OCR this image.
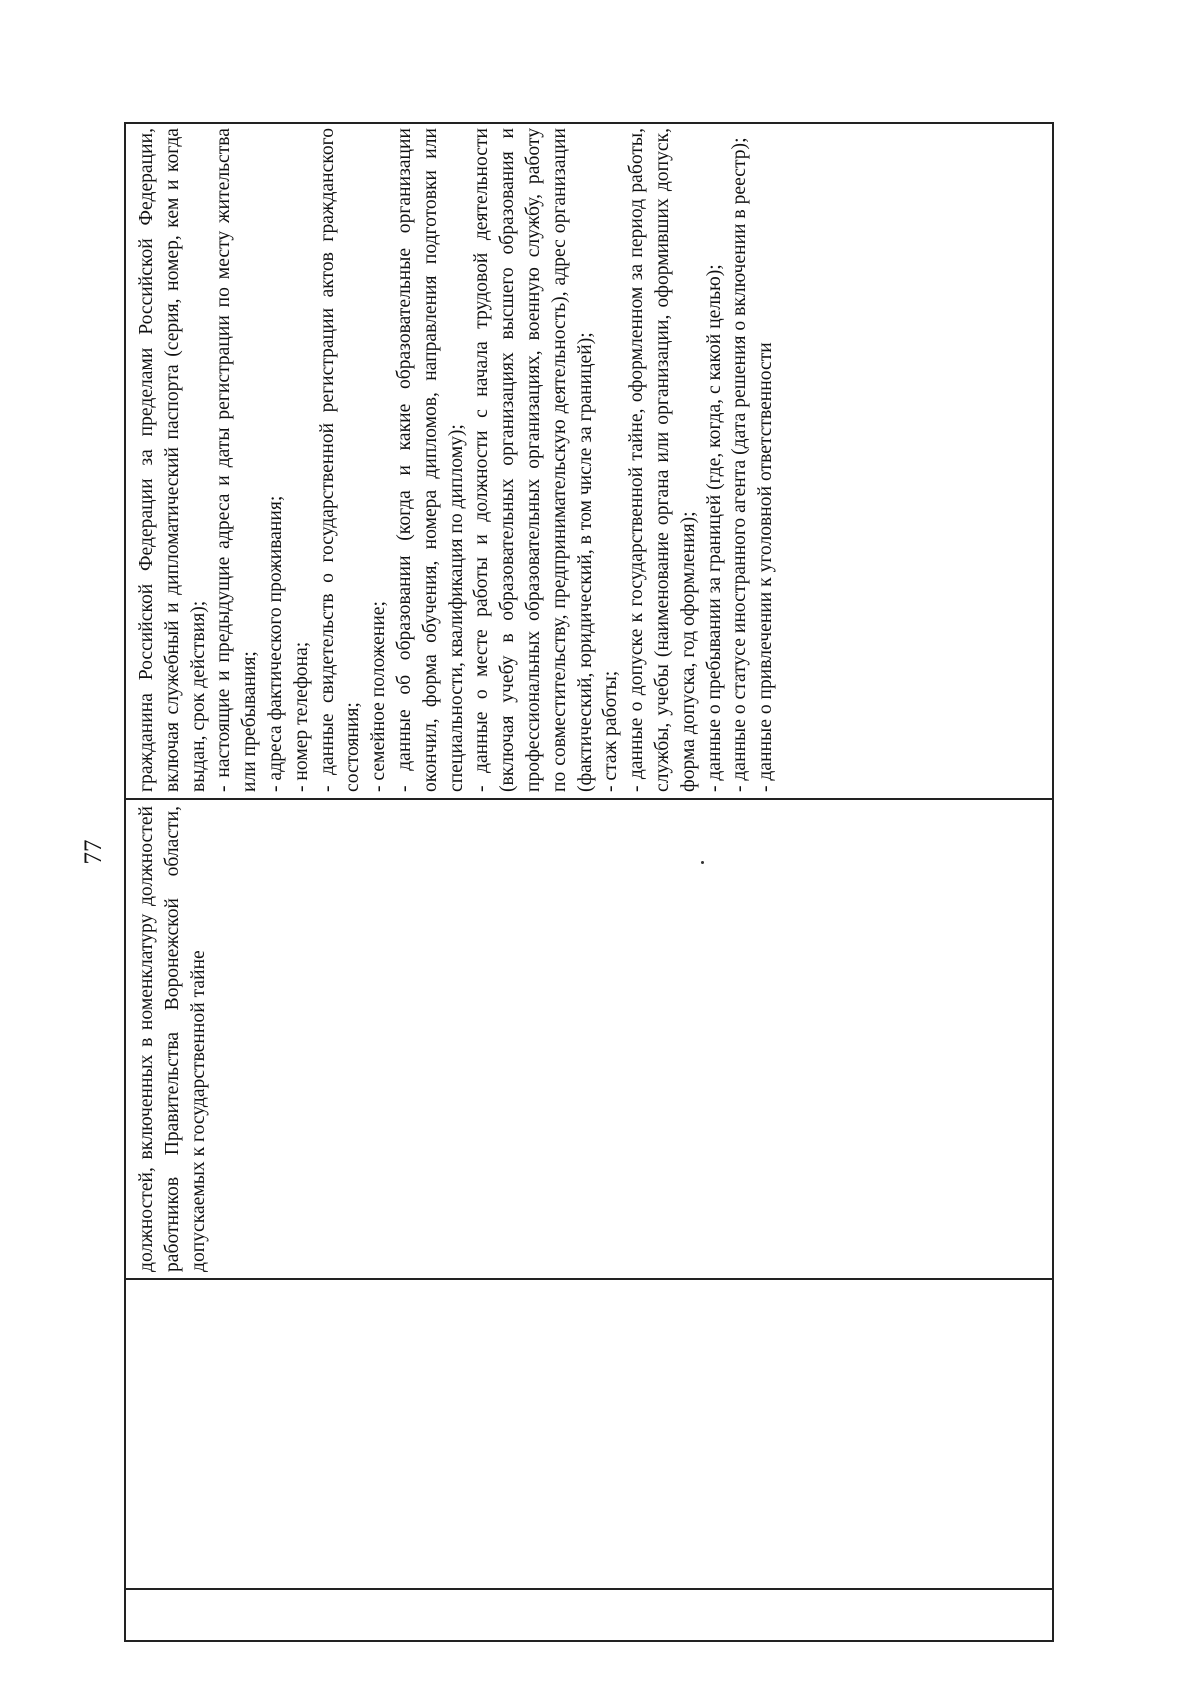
77 должностей, включенных в номенклатуру должностей работников Правительства Воронежской области, допускаемых к государственной тайне

гражданина Российской Федерации за пределами Российской Федерации, включая служебный и дипломатический паспорта (серия, номер, кем и когда выдан, срок действия); - настоящие и предыдущие адреса и даты регистрации по месту жительства или пребывания; - адреса фактического проживания; - номер телефона; - данные свидетельств о государственной регистрации актов гражданского состояния; - семейное положение; - данные об образовании (когда и какие образовательные организации окончил, форма обучения, номера дипломов, направления подготовки или специальности, квалификация по диплому); - данные о месте работы и должности с начала трудовой деятельности (включая учебу в образовательных организациях высшего образования и профессиональных образовательных организациях, военную службу, работу по совместительству, предпринимательскую деятельность), адрес организации (фактический, юридический, в том числе за границей); - стаж работы; - данные о допуске к государственной тайне, оформленном за период работы, службы, учебы (наименование органа или организации, оформивших допуск, форма допуска, год оформления); - данные о пребывании за границей (где, когда, с какой целью); - данные о статусе иностранного агента (дата решения о включении в реестр); - данные о привлечении к уголовной ответственности
